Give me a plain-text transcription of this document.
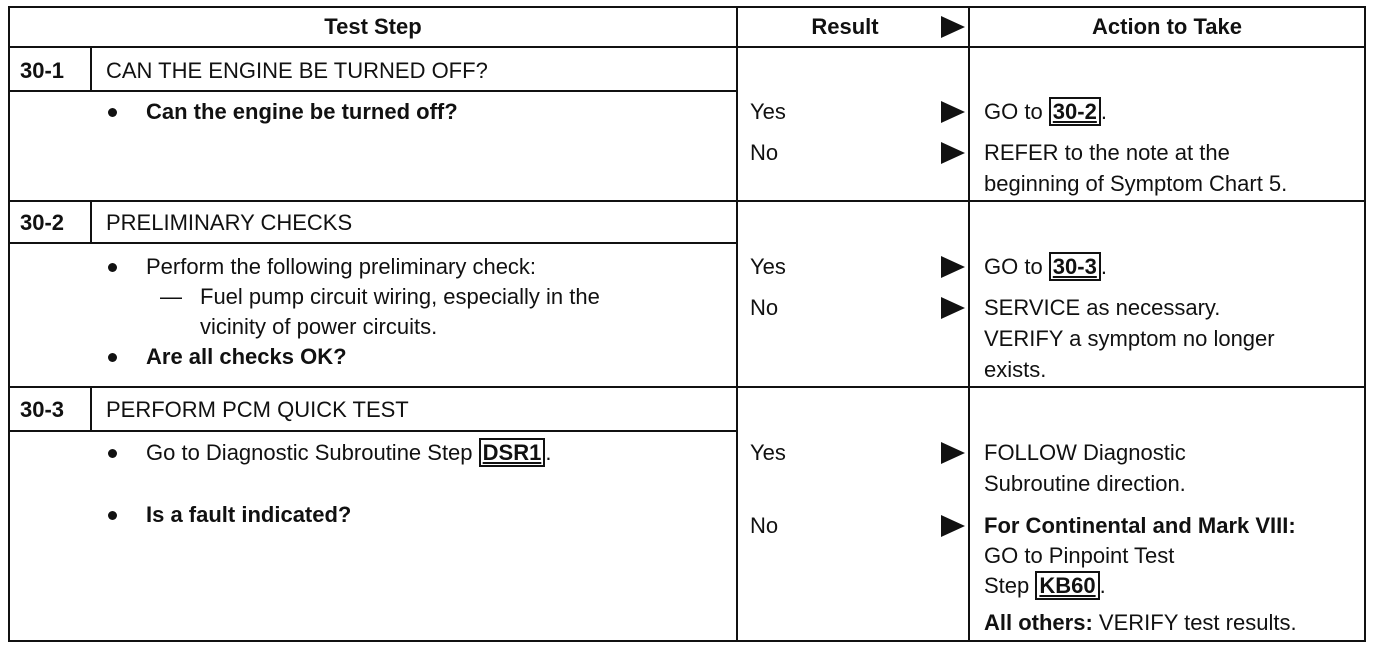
Test Step	Result	Action to Take
30-1 CAN THE ENGINE BE TURNED OFF?
Can the engine be turned off?	Yes	GO to 30-2 .
No	REFER to the note at the
beginning of Symptom Chart 5.
30-2 PRELIMINARY CHECKS
Perform the following preliminary check:
— Fuel pump circuit wiring, especially in the
vicinity of power circuits.
Are all checks OK?
Yes	GO to 30-3 .
No	SERVICE as necessary.
VERIFY a symptom no longer
exists.
30-3 PERFORM PCM QUICK TEST
Go to Diagnostic Subroutine Step DSR1 .
Is a fault indicated?
Yes	FOLLOW Diagnostic
Subroutine direction.
No	For Continental and Mark VIII:
GO to Pinpoint Test
Step KB60 .
All others: VERIFY test results.
